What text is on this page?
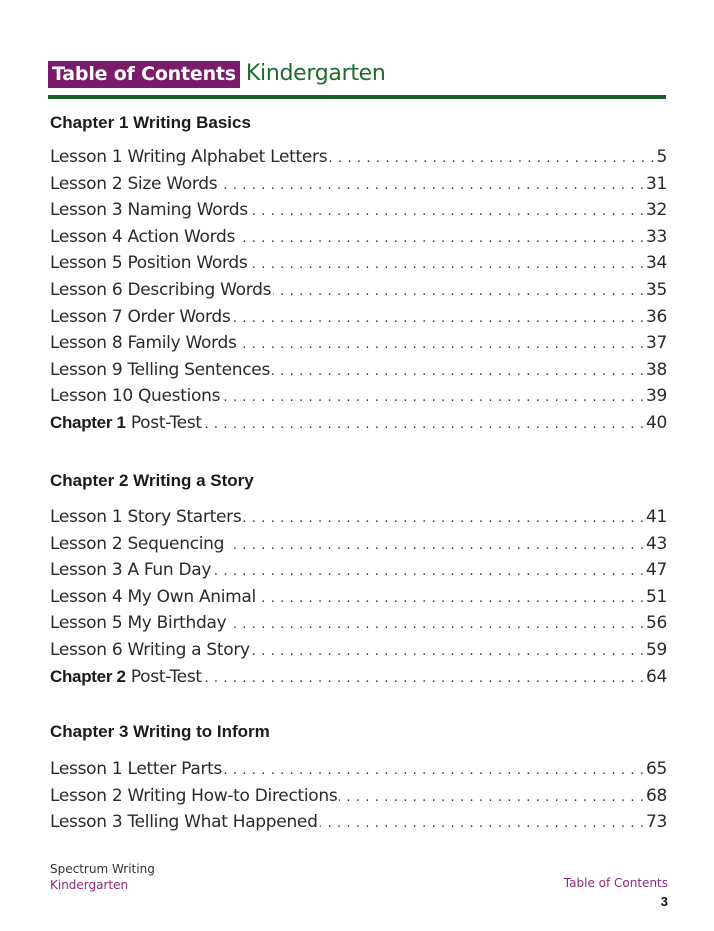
Table of Contents Kindergarten
Chapter 1 Writing Basics
Lesson 1 Writing Alphabet Letters . . .	5
Lesson 2 Size Words . . .	31
Lesson 3 Naming Words . . .	32
Lesson 4 Action Words . . .	33
Lesson 5 Position Words . . .	34
Lesson 6 Describing Words . . .	35
Lesson 7 Order Words . . .	36
Lesson 8 Family Words . . .	37
Lesson 9 Telling Sentences . . .	38
Lesson 10 Questions . . .	39
Chapter 1 Post-Test . . .	40
Chapter 2 Writing a Story
Lesson 1 Story Starters . . .	41
Lesson 2 Sequencing . . .	43
Lesson 3 A Fun Day . . .	47
Lesson 4 My Own Animal . . .	51
Lesson 5 My Birthday . . .	56
Lesson 6 Writing a Story . . .	59
Chapter 2 Post-Test . . .	64
Chapter 3 Writing to Inform
Lesson 1 Letter Parts . . .	65
Lesson 2 Writing How-to Directions . . .	68
Lesson 3 Telling What Happened . . .	73
Spectrum Writing
Kindergarten	Table of Contents
3
